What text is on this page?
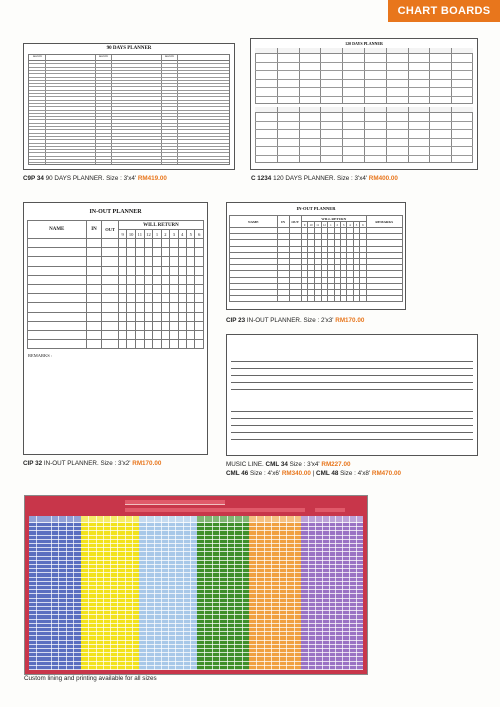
CHART BOARDS
90 DAYS PLANNER
MONTH	MONTH	MONTH
C9P 34 90 DAYS PLANNER. Size : 3'x4' RM419.00
120 DAYS PLANNER
C 1234 120 DAYS PLANNER. Size : 3'x4' RM400.00
IN-OUT PLANNER
NAME	IN	OUT	WILL RETURN									
			9	10	11	12	1	2	3	4	5	6

REMARKS :
CIP 32 IN-OUT PLANNER. Size : 3'x2' RM170.00
IN-OUT PLANNER
NAME	IN	OUT	WILL RETURN										REMARKS
			9	10	11	12	1	2	3	4	5	6	

CIP 23 IN-OUT PLANNER. Size : 2'x3' RM170.00
MUSIC LINE. CML 34 Size : 3'x4' RM227.00
CML 46 Size : 4'x6' RM340.00 | CML 48 Size : 4'x8' RM470.00
Custom lining and printing available for all sizes
